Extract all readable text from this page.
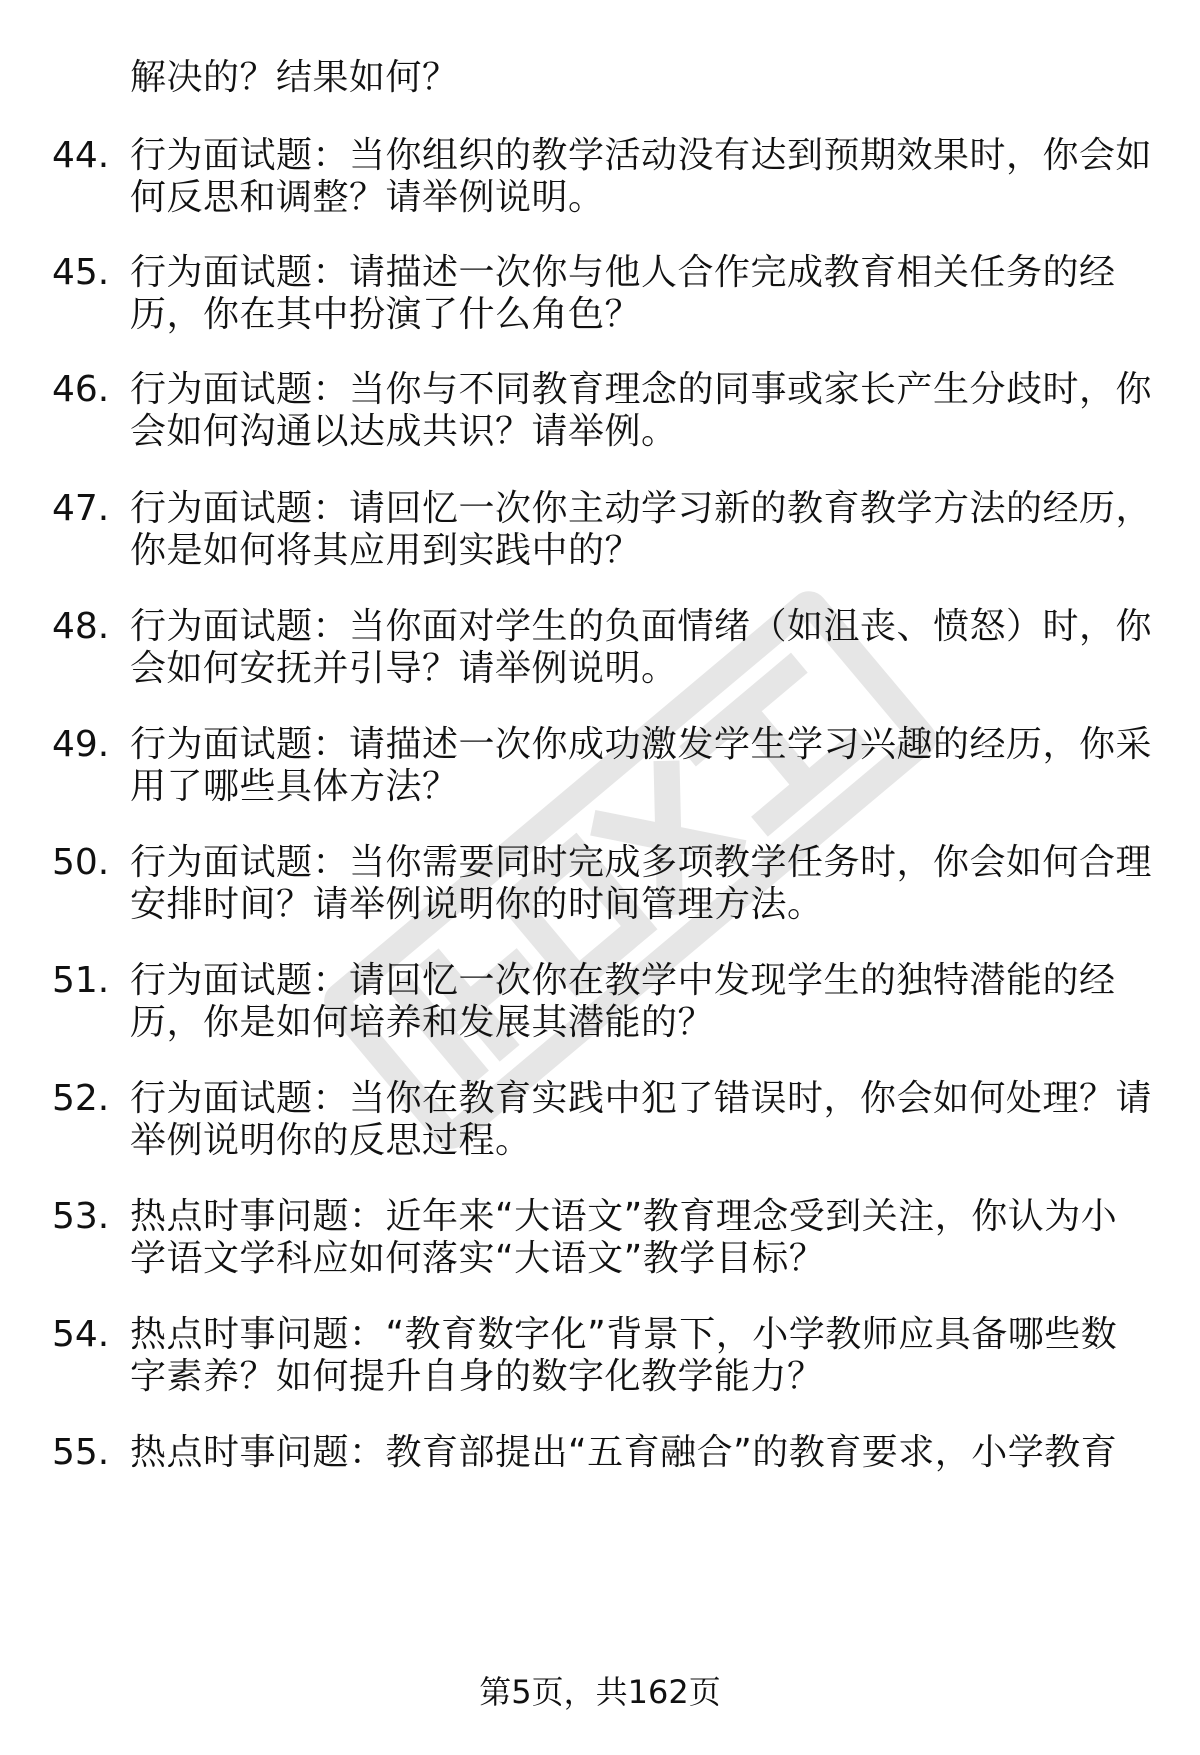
解决的？结果如何？
44. 行为面试题：当你组织的教学活动没有达到预期效果时，你会如
何反思和调整？请举例说明。
45. 行为面试题：请描述一次你与他人合作完成教育相关任务的经
历，你在其中扮演了什么角色？
46. 行为面试题：当你与不同教育理念的同事或家长产生分歧时，你
会如何沟通以达成共识？请举例。
47. 行为面试题：请回忆一次你主动学习新的教育教学方法的经历，
你是如何将其应用到实践中的？
48. 行为面试题：当你面对学生的负面情绪（如沮丧、愤怒）时，你
会如何安抚并引导？请举例说明。
49. 行为面试题：请描述一次你成功激发学生学习兴趣的经历，你采
用了哪些具体方法？
50. 行为面试题：当你需要同时完成多项教学任务时，你会如何合理
安排时间？请举例说明你的时间管理方法。
51. 行为面试题：请回忆一次你在教学中发现学生的独特潜能的经
历，你是如何培养和发展其潜能的？
52. 行为面试题：当你在教育实践中犯了错误时，你会如何处理？请
举例说明你的反思过程。
53. 热点时事问题：近年来“大语文”教育理念受到关注，你认为小
学语文学科应如何落实“大语文”教学目标？
54. 热点时事问题：“教育数字化”背景下，小学教师应具备哪些数
字素养？如何提升自身的数字化教学能力？
55. 热点时事问题：教育部提出“五育融合”的教育要求，小学教育
第5页，共162页
